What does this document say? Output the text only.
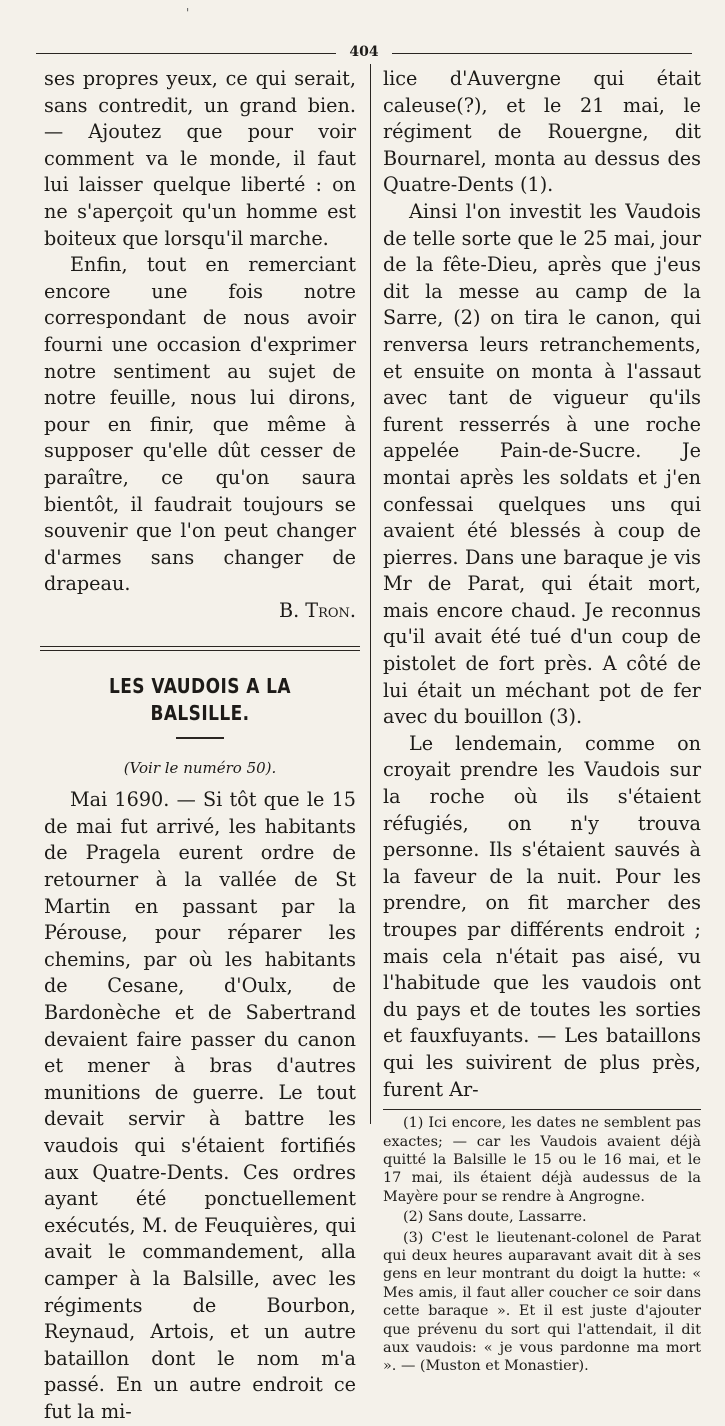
'
404

ses propres yeux, ce qui serait, sans contredit, un grand bien. — Ajoutez que pour voir comment va le monde, il faut lui laisser quelque liberté : on ne s'aperçoit qu'un homme est boiteux que lorsqu'il marche.

Enfin, tout en remerciant encore une fois notre correspondant de nous avoir fourni une occasion d'exprimer notre sentiment au sujet de notre feuille, nous lui dirons, pour en finir, que même à supposer qu'elle dût cesser de paraître, ce qu'on saura bientôt, il faudrait toujours se souvenir que l'on peut changer d'armes sans changer de drapeau.

B. Tron.

LES VAUDOIS A LA BALSILLE.
(Voir le numéro 50).

Mai 1690. — Si tôt que le 15 de mai fut arrivé, les habitants de Pragela eurent ordre de retourner à la vallée de St Martin en passant par la Pérouse, pour réparer les chemins, par où les habitants de Cesane, d'Oulx, de Bardonèche et de Sabertrand devaient faire passer du canon et mener à bras d'autres munitions de guerre. Le tout devait servir à battre les vaudois qui s'étaient fortifiés aux Quatre-Dents. Ces ordres ayant été ponctuellement exécutés, M. de Feuquières, qui avait le commandement, alla camper à la Balsille, avec les régiments de Bourbon, Reynaud, Artois, et un autre bataillon dont le nom m'a passé. En un autre endroit ce fut la mi-

lice d'Auvergne qui était caleuse(?), et le 21 mai, le régiment de Rouergne, dit Bournarel, monta au dessus des Quatre-Dents (1).

Ainsi l'on investit les Vaudois de telle sorte que le 25 mai, jour de la fête-Dieu, après que j'eus dit la messe au camp de la Sarre, (2) on tira le canon, qui renversa leurs retranchements, et ensuite on monta à l'assaut avec tant de vigueur qu'ils furent resserrés à une roche appelée Pain-de-Sucre. Je montai après les soldats et j'en confessai quelques uns qui avaient été blessés à coup de pierres. Dans une baraque je vis Mr de Parat, qui était mort, mais encore chaud. Je reconnus qu'il avait été tué d'un coup de pistolet de fort près. A côté de lui était un méchant pot de fer avec du bouillon (3).

Le lendemain, comme on croyait prendre les Vaudois sur la roche où ils s'étaient réfugiés, on n'y trouva personne. Ils s'étaient sauvés à la faveur de la nuit. Pour les prendre, on fit marcher des troupes par différents endroit ; mais cela n'était pas aisé, vu l'habitude que les vaudois ont du pays et de toutes les sorties et fauxfuyants. — Les bataillons qui les suivirent de plus près, furent Ar-

(1) Ici encore, les dates ne semblent pas exactes; — car les Vaudois avaient déjà quitté la Balsille le 15 ou le 16 mai, et le 17 mai, ils étaient déjà audessus de la Mayère pour se rendre à Angrogne.

(2) Sans doute, Lassarre.

(3) C'est le lieutenant-colonel de Parat qui deux heures auparavant avait dit à ses gens en leur montrant du doigt la hutte: « Mes amis, il faut aller coucher ce soir dans cette baraque ». Et il est juste d'ajouter que prévenu du sort qui l'attendait, il dit aux vaudois: « je vous pardonne ma mort ». — (Muston et Monastier).
